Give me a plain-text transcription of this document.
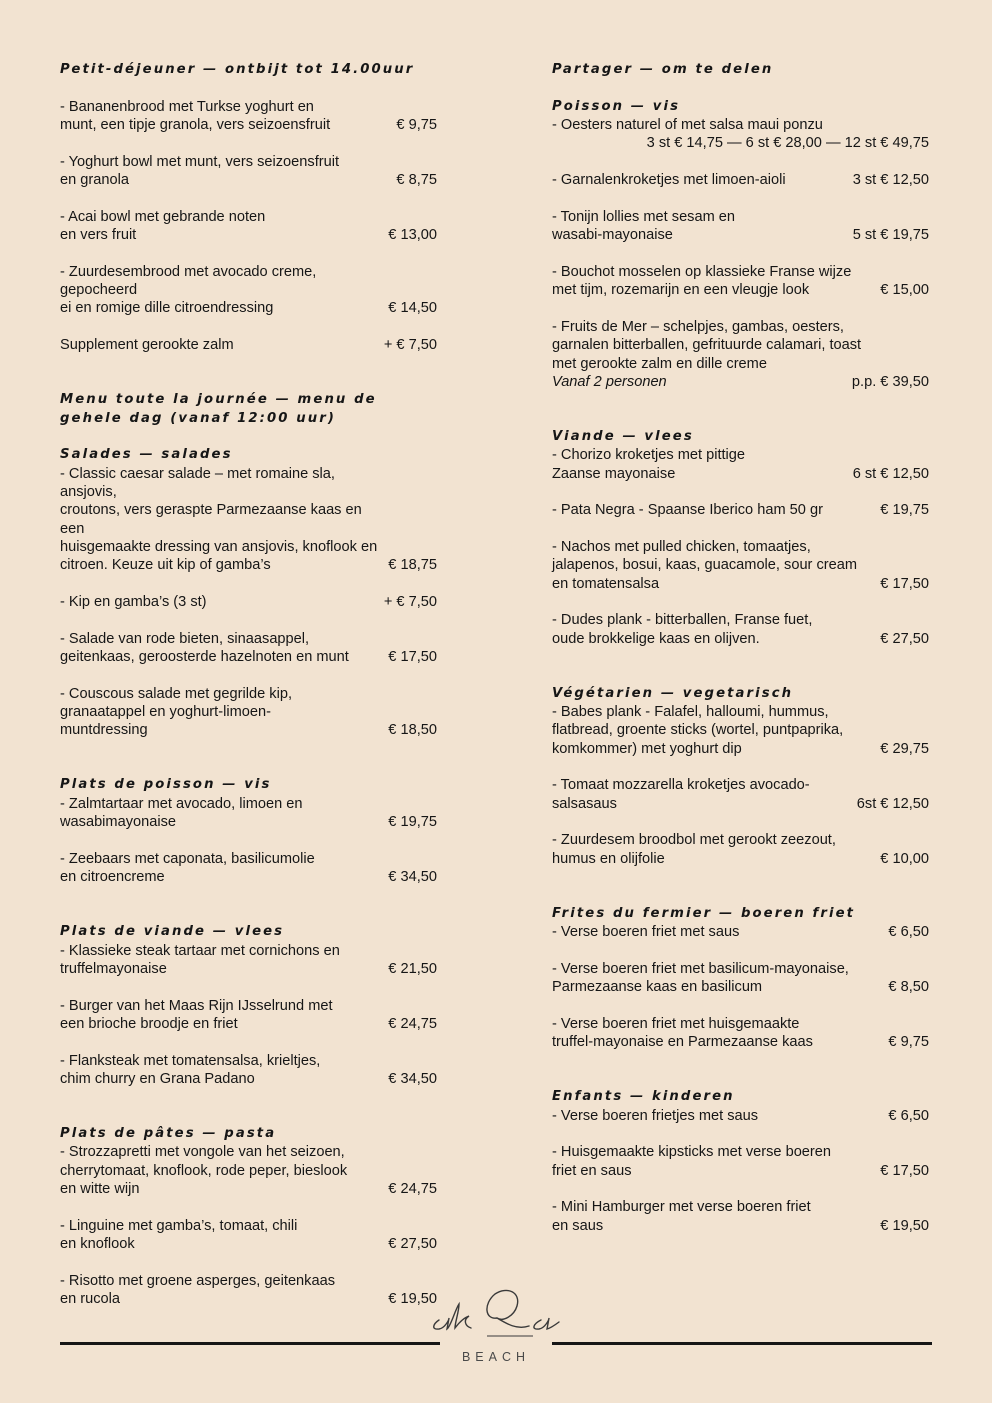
Petit-déjeuner — ontbijt tot 14.00uur
- Bananenbrood met Turkse yoghurt en
munt, een tipje granola, vers seizoensfruit	€ 9,75
- Yoghurt bowl met munt, vers seizoensfruit
en granola	€ 8,75
- Acai bowl met gebrande noten
en vers fruit	€ 13,00
- Zuurdesembrood met avocado creme, gepocheerd
ei en romige dille citroendressing	€ 14,50
Supplement gerookte zalm	+ € 7,50
Menu toute la journée — menu de
gehele dag (vanaf 12:00 uur)
Salades — salades
- Classic caesar salade – met romaine sla, ansjovis,
croutons, vers geraspte Parmezaanse kaas en een
huisgemaakte dressing van ansjovis, knoflook en
citroen. Keuze uit kip of gamba’s	€ 18,75
- Kip en gamba’s (3 st)	+ € 7,50
- Salade van rode bieten, sinaasappel,
geitenkaas, geroosterde hazelnoten en munt	€ 17,50
- Couscous salade met gegrilde kip,
granaatappel en yoghurt-limoen-
muntdressing	€ 18,50
Plats de poisson — vis
- Zalmtartaar met avocado, limoen en
wasabimayonaise	€ 19,75
- Zeebaars met caponata, basilicumolie
en citroencreme	€ 34,50
Plats de viande — vlees
- Klassieke steak tartaar met cornichons en
truffelmayonaise	€ 21,50
- Burger van het Maas Rijn IJsselrund met
een brioche broodje en friet	€ 24,75
- Flanksteak met tomatensalsa, krieltjes,
chim churry en Grana Padano	€ 34,50
Plats de pâtes — pasta
- Strozzapretti met vongole van het seizoen,
cherrytomaat, knoflook, rode peper, bieslook
en witte wijn	€ 24,75
- Linguine met gamba’s, tomaat, chili
en knoflook	€ 27,50
- Risotto met groene asperges, geitenkaas
en rucola	€ 19,50
Partager — om te delen
Poisson — vis
- Oesters naturel of met salsa maui ponzu
3 st € 14,75 — 6 st € 28,00 — 12 st € 49,75
- Garnalenkroketjes met limoen-aioli	3 st € 12,50
- Tonijn lollies met sesam en
wasabi-mayonaise	5 st € 19,75
- Bouchot mosselen op klassieke Franse wijze
met tijm, rozemarijn en een vleugje look	€ 15,00
- Fruits de Mer – schelpjes, gambas, oesters,
garnalen bitterballen, gefrituurde calamari, toast
met gerookte zalm en dille creme
Vanaf 2 personen	p.p. € 39,50
Viande — vlees
- Chorizo kroketjes met pittige
Zaanse mayonaise	6 st € 12,50
- Pata Negra - Spaanse Iberico ham 50 gr	€ 19,75
- Nachos met pulled chicken, tomaatjes,
jalapenos, bosui, kaas, guacamole, sour cream
en tomatensalsa	€ 17,50
- Dudes plank - bitterballen, Franse fuet,
oude brokkelige kaas en olijven.	€ 27,50
Végétarien — vegetarisch
- Babes plank - Falafel, halloumi, hummus,
flatbread, groente sticks (wortel, puntpaprika,
komkommer) met yoghurt dip	€ 29,75
- Tomaat mozzarella kroketjes avocado-
salsasaus	6st € 12,50
- Zuurdesem broodbol met gerookt zeezout,
humus en olijfolie	€ 10,00
Frites du fermier — boeren friet
- Verse boeren friet met saus	€ 6,50
- Verse boeren friet met basilicum-mayonaise,
Parmezaanse kaas en basilicum	€ 8,50
- Verse boeren friet met huisgemaakte
truffel-mayonaise en Parmezaanse kaas	€ 9,75
Enfants — kinderen
- Verse boeren frietjes met saus	€ 6,50
- Huisgemaakte kipsticks met verse boeren
friet en saus	€ 17,50
- Mini Hamburger met verse boeren friet
en saus	€ 19,50
BEACH
